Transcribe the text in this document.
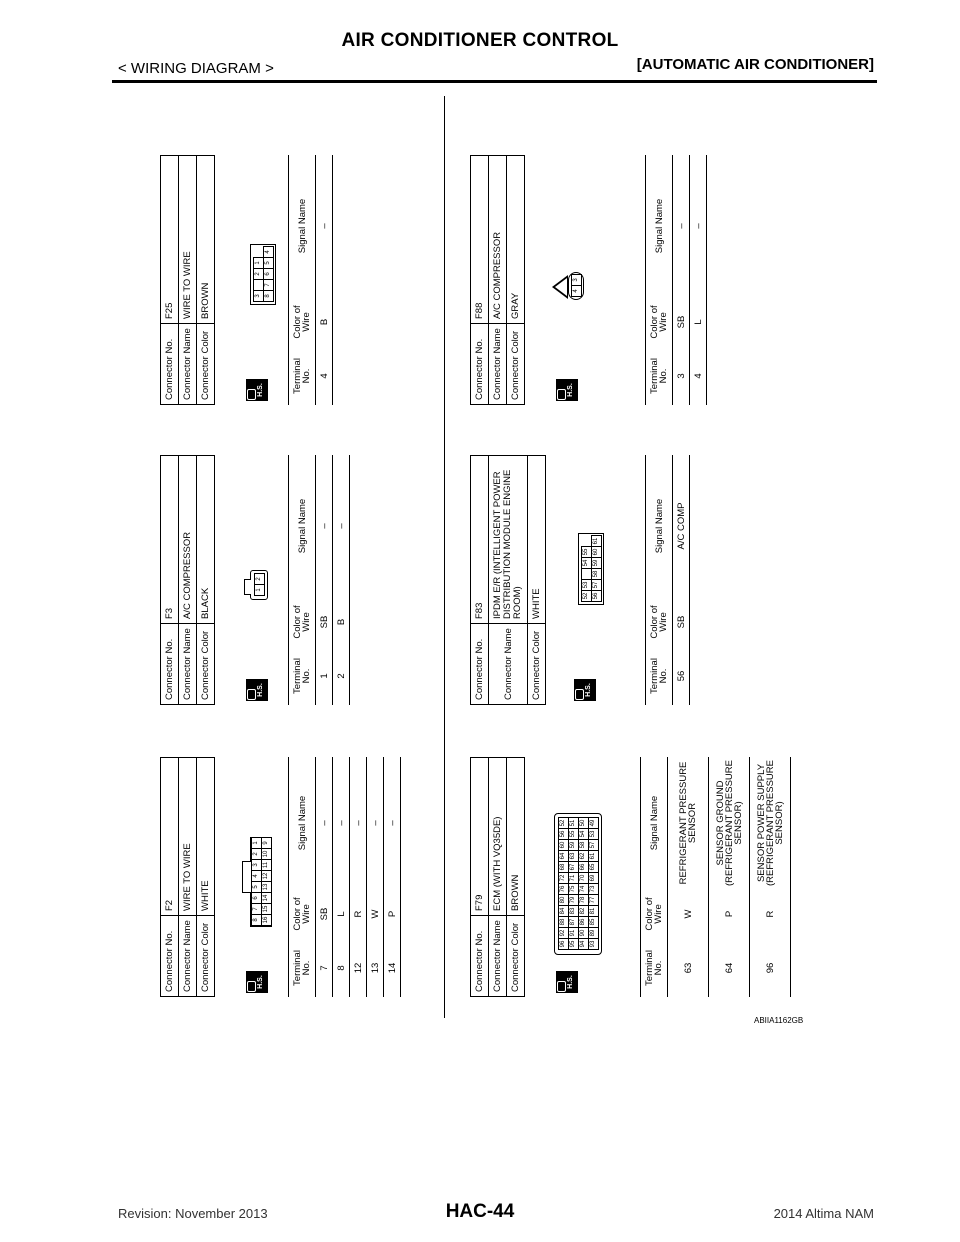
AIR CONDITIONER CONTROL
< WIRING DIAGRAM >	[AUTOMATIC AIR CONDITIONER]
Connector No.	F2
Connector Name	WIRE TO WIRE
Connector Color	WHITE
H.S.
8
7
6
5
4
3
2
1
16
15
14
13
12
11
10
9
Terminal No.	Color of Wire	Signal Name
7	SB	–
8	L	–
12	R	–
13	W	–
14	P	–
Connector No.	F3
Connector Name	A/C COMPRESSOR
Connector Color	BLACK
H.S.
1
2
Terminal No.	Color of Wire	Signal Name
1	SB	–
2	B	–
Connector No.	F25
Connector Name	WIRE TO WIRE
Connector Color	BROWN
H.S.
3
2
1
8
7
6
5
4
Terminal No.	Color of Wire	Signal Name
4	B	–
Connector No.	F79
Connector Name	ECM (WITH VQ35DE)
Connector Color	BROWN
H.S.
96
92
88
84
80
76
72
68
64
60
56
52
95
91
87
83
79
75
71
67
63
59
55
51
94
90
86
82
78
74
70
66
62
58
54
50
93
89
85
81
77
73
69
65
61
57
53
49
Terminal No.	Color of Wire	Signal Name
63	W	REFRIGERANT PRESSURE SENSOR
64	P	SENSOR GROUND (REFRIGERANT PRESSURE SENSOR)
96	R	SENSOR POWER SUPPLY (REFRIGERANT PRESSURE SENSOR)
Connector No.	F83
Connector Name	IPDM E/R (INTELLIGENT POWER DISTRIBUTION MODULE ENGINE ROOM)
Connector Color	WHITE
H.S.
52
53
54
55
56
57
58
59
60
61
Terminal No.	Color of Wire	Signal Name
56	SB	A/C COMP
Connector No.	F88
Connector Name	A/C COMPRESSOR
Connector Color	GRAY
H.S.
4
3
Terminal No.	Color of Wire	Signal Name
3	SB	–
4	L	–
ABIIA1162GB
Revision: November 2013	HAC-44	2014 Altima NAM
